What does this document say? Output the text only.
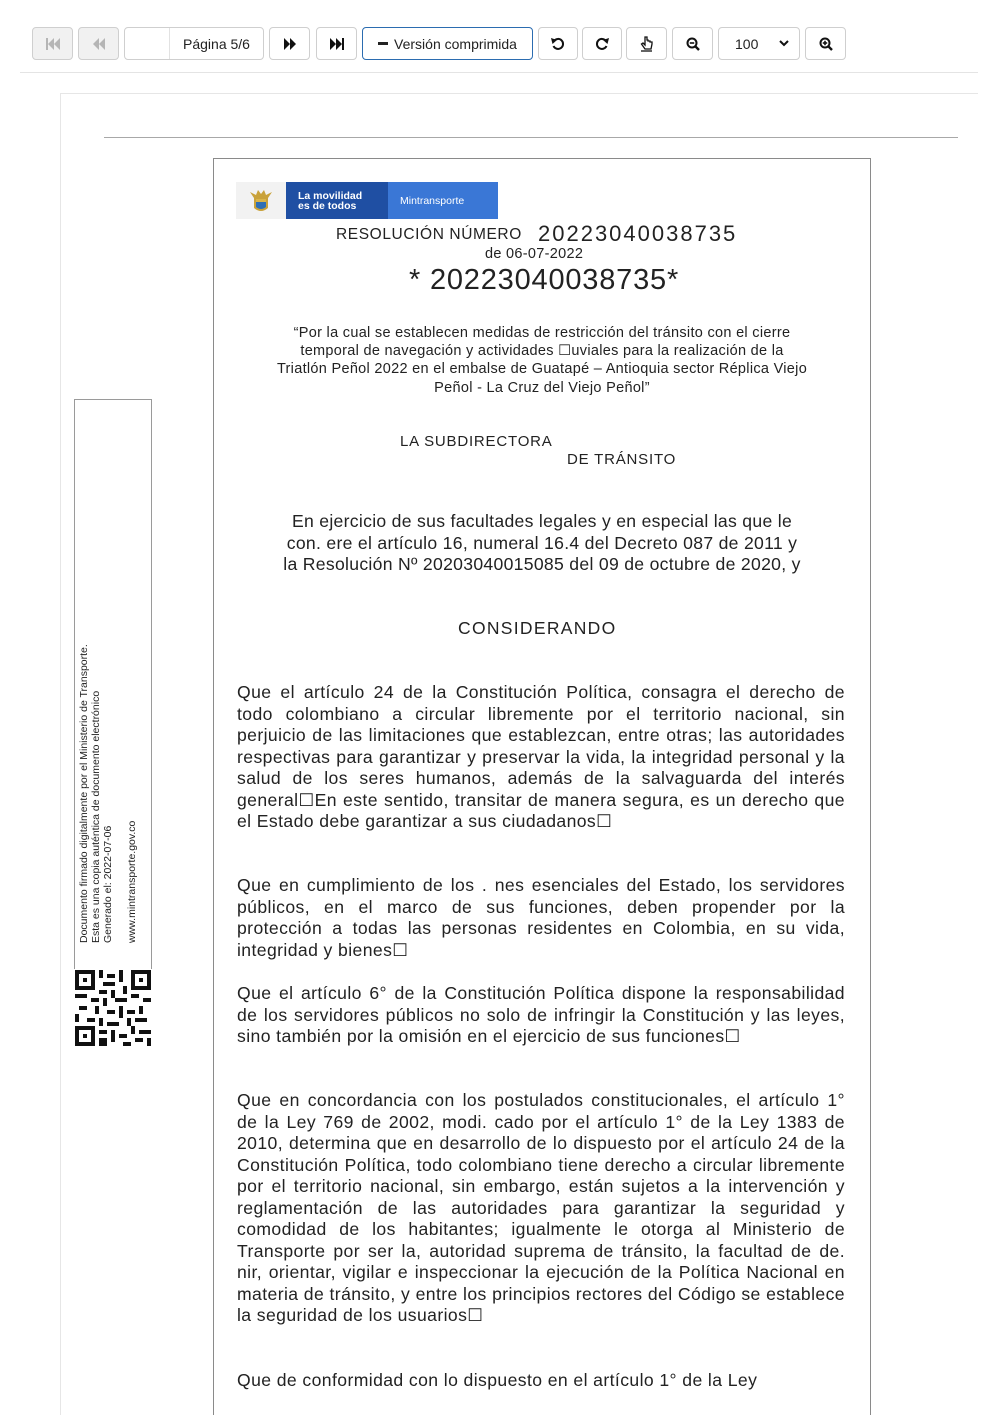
Página 5/6	Versión comprimida	100
Documento firmado digitalmente por el Ministerio de Transporte. Esta es una copia auténtica de documento electrónico Generado el: 2022-07-06 www.mintransporte.gov.co
La movilidad
es de todos	Mintransporte
RESOLUCIÓN NÚMERO 20223040038735
de 06-07-2022
* 20223040038735*
“Por la cual se establecen medidas de restricción del tránsito con el cierre
temporal de navegación y actividades ☐uviales para la realización de la
Triatlón Peñol 2022 en el embalse de Guatapé – Antioquia sector Réplica Viejo
Peñol - La Cruz del Viejo Peñol”
LA SUBDIRECTORA
DE TRÁNSITO
En ejercicio de sus facultades legales y en especial las que le
con. ere el artículo 16, numeral 16.4 del Decreto 087 de 2011 y
la Resolución Nº 20203040015085 del 09 de octubre de 2020, y
CONSIDERANDO
Que el artículo 24 de la Constitución Política, consagra el derecho de todo colombiano a circular libremente por el territorio nacional, sin perjuicio de las limitaciones que establezcan, entre otras; las autoridades respectivas para garantizar y preservar la vida, la integridad personal y la salud de los seres humanos, además de la salvaguarda del interés general☐En este sentido, transitar de manera segura, es un derecho que el Estado debe garantizar a sus ciudadanos☐
Que en cumplimiento de los . nes esenciales del Estado, los servidores públicos, en el marco de sus funciones, deben propender por la protección a todas las personas residentes en Colombia, en su vida, integridad y bienes☐
Que el artículo 6° de la Constitución Política dispone la responsabilidad de los servidores públicos no solo de infringir la Constitución y las leyes, sino también por la omisión en el ejercicio de sus funciones☐
Que en concordancia con los postulados constitucionales, el artículo 1° de la Ley 769 de 2002, modi. cado por el artículo 1° de la Ley 1383 de 2010, determina que en desarrollo de lo dispuesto por el artículo 24 de la Constitución Política, todo colombiano tiene derecho a circular libremente por el territorio nacional, sin embargo, están sujetos a la intervención y reglamentación de las autoridades para garantizar la seguridad y comodidad de los habitantes; igualmente le otorga al Ministerio de Transporte por ser la, autoridad suprema de tránsito, la facultad de de. nir, orientar, vigilar e inspeccionar la ejecución de la Política Nacional en materia de tránsito, y entre los principios rectores del Código se establece la seguridad de los usuarios☐
Que de conformidad con lo dispuesto en el artículo 1° de la Ley
